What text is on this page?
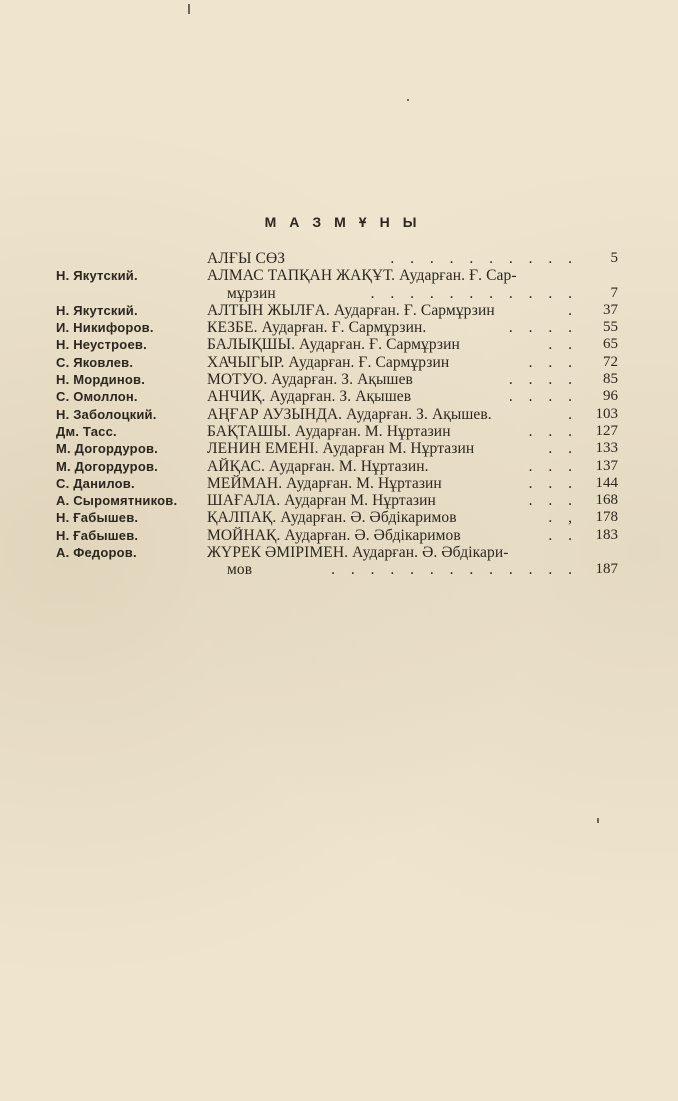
МАЗМҰНЫ
АЛҒЫ СӨЗ	. . . . . . . . . .	5
Н. Якутский.	АЛМАС ТАПҚАН ЖАҚҰТ. Аударған. Ғ. Сар-
мұрзин	. . . . . . . . . . .	7
Н. Якутский.	АЛТЫН ЖЫЛҒА. Аударған. Ғ. Сармұрзин	.	37
И. Никифоров.	КЕЗБЕ. Аударған. Ғ. Сармұрзин.	. . . .	55
Н. Неустроев.	БАЛЫҚШЫ. Аударған. Ғ. Сармұрзин	. .	65
С. Яковлев.	ХАЧЫГЫР. Аударған. Ғ. Сармұрзин	. . .	72
Н. Мординов.	МОТУО. Аударған. З. Ақышев	. . . .	85
С. Омоллон.	АНЧИҚ. Аударған. З. Ақышев	. . . .	96
Н. Заболоцкий.	АҢҒАР АУЗЫНДА. Аударған. З. Ақышев.	.	103
Дм. Тасс.	БАҚТАШЫ. Аударған. М. Нұртазин	. . .	127
М. Догордуров.	ЛЕНИН ЕМЕНІ. Аударған М. Нұртазин	. .	133
М. Догордуров.	АЙҚАС. Аударған. М. Нұртазин.	. . .	137
С. Данилов.	МЕЙМАН. Аударған. М. Нұртазин	. . .	144
А. Сыромятников.	ШАҒАЛА. Аударған М. Нұртазин	. . .	168
Н. Ғабышев.	ҚАЛПАҚ. Аударған. Ә. Әбдікаримов	. ,	178
Н. Ғабышев.	МОЙНАҚ. Аударған. Ә. Әбдікаримов	. .	183
А. Федоров.	ЖҮРЕК ӘМІРІМЕН. Аударған. Ә. Әбдікари-
мов	. . . . . . . . . . . . .	187
